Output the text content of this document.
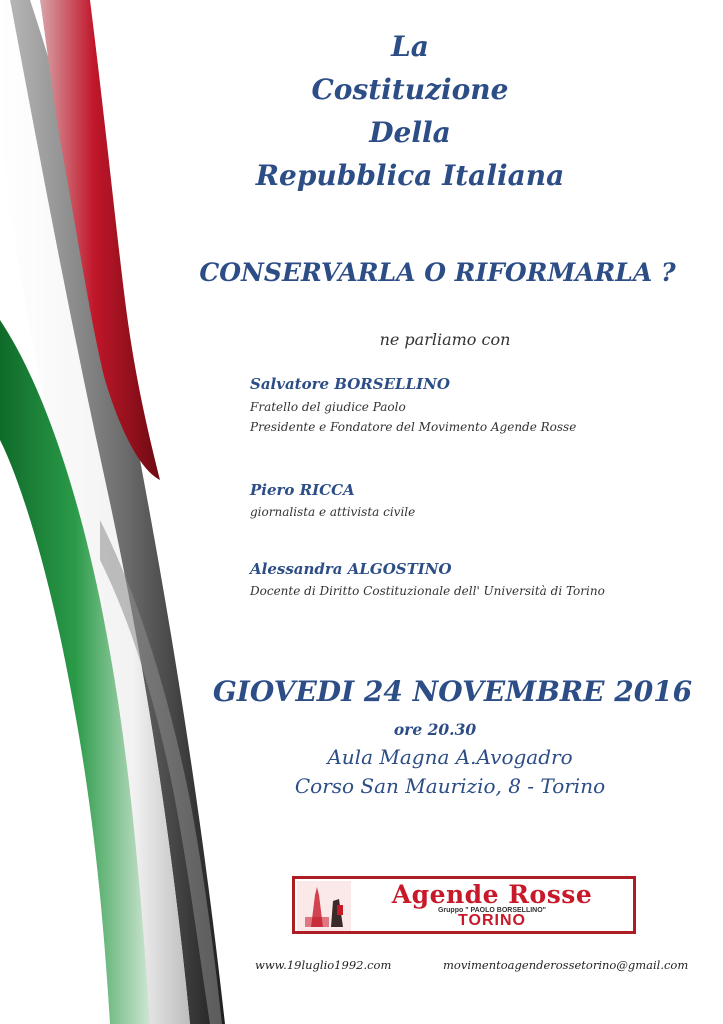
La

Costituzione

Della

Repubblica Italiana

CONSERVARLA O RIFORMARLA ?

ne parliamo con

Salvatore BORSELLINO

Fratello del giudice Paolo

Presidente e Fondatore del Movimento Agende Rosse

Piero RICCA

giornalista e attivista civile

Alessandra ALGOSTINO

Docente di Diritto Costituzionale dell' Università di Torino

GIOVEDI 24 NOVEMBRE 2016

ore 20.30

Aula Magna A.Avogadro

Corso San Maurizio, 8 - Torino

Agende Rosse
Gruppo " PAOLO BORSELLINO"
TORINO

www.19luglio1992.com	movimentoagenderossetorino@gmail.com
